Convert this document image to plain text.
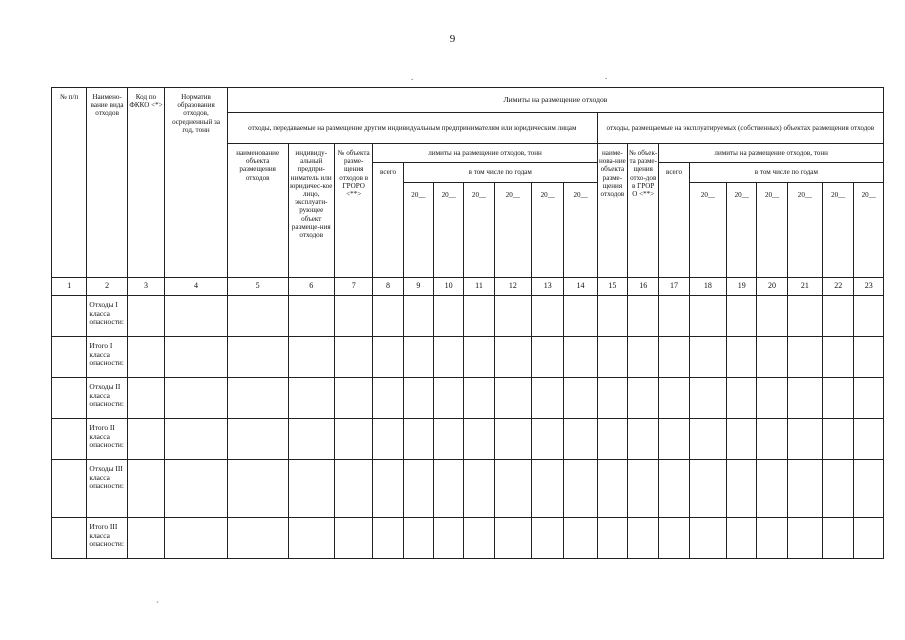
9
.	.
`
№ п/п	Наимено-вание вида отходов	Код по ФККО <*>	Норматив образования отходов, осредненный за год, тонн	Лимиты на размещение отходов																		
				отходы, передаваемые на размещение другим индивидуальным предпринимателям или юридическим лицам										отходы, размещаемые на эксплуатируемых (собственных) объектах размещения отходов								
				наименование объекта размещения отходов	индивиду-альный предпри-ниматель или юридичес-кое лицо, эксплуати-рующее объект размеще-ния отходов	№ объекта разме-щения отходов в ГРОРО <**>	лимиты на размещение отходов, тонн							наиме-нова-ние объекта разме-щения отходов	№ объек-та разме-щения отхо-дов в ГРОР О <**>	лимиты на размещение отходов, тонн						
							всего	в том числе по годам								всего	в том числе по годам					
								20__	20__	20__	20__	20__	20__				20__	20__	20__	20__	20__	20__

1	2	3	4	5	6	7	8	9	10	11	12	13	14	15	16	17	18	19	20	21	22	23
	Отходы I класса опасности:																					
	Итого I класса опасности:																					
	Отходы II класса опасности:																					
	Итого II класса опасности:																					
	Отходы III класса опасности:																					
	Итого III класса опасности:																					
